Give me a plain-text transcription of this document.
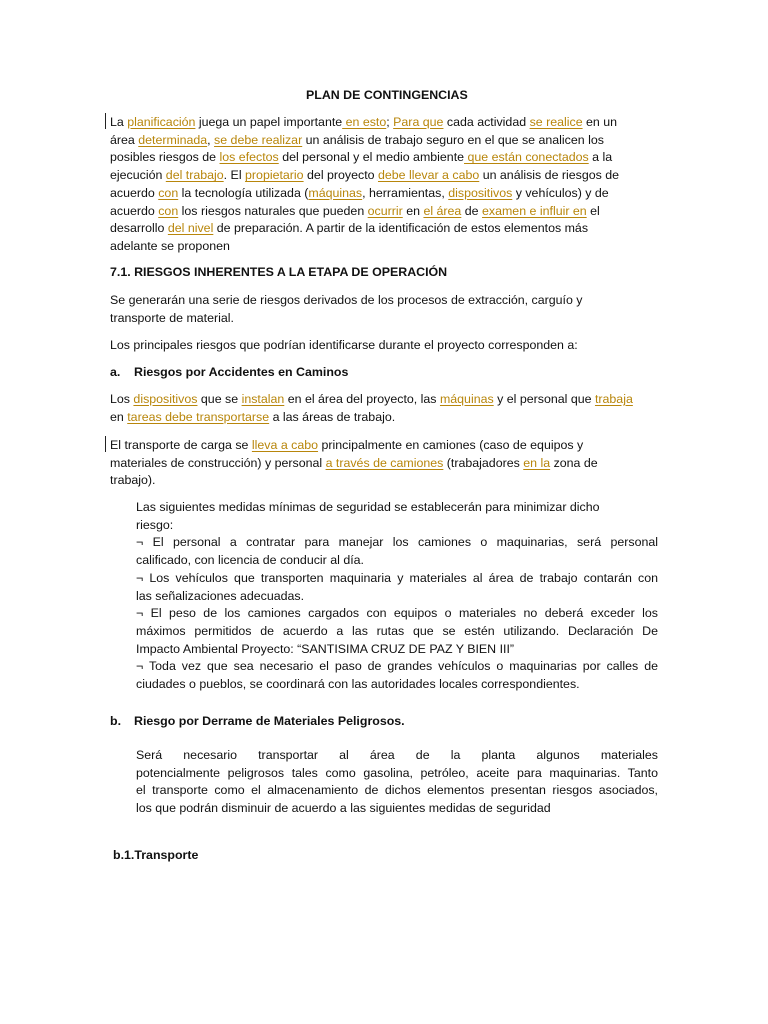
PLAN DE CONTINGENCIAS
La planificación juega un papel importante en esto; Para que cada actividad se realice en un
área determinada, se debe realizar un análisis de trabajo seguro en el que se analicen los
posibles riesgos de los efectos del personal y el medio ambiente que están conectados a la
ejecución del trabajo. El propietario del proyecto debe llevar a cabo un análisis de riesgos de
acuerdo con la tecnología utilizada (máquinas, herramientas, dispositivos y vehículos) y de
acuerdo con los riesgos naturales que pueden ocurrir en el área de examen e influir en el
desarrollo del nivel de preparación. A partir de la identificación de estos elementos más
adelante se proponen
7.1. RIESGOS INHERENTES A LA ETAPA DE OPERACIÓN
Se generarán una serie de riesgos derivados de los procesos de extracción, carguío y
transporte de material.
Los principales riesgos que podrían identificarse durante el proyecto corresponden a:
a. Riesgos por Accidentes en Caminos
Los dispositivos que se instalan en el área del proyecto, las máquinas y el personal que trabaja
en tareas debe transportarse a las áreas de trabajo.
El transporte de carga se lleva a cabo principalmente en camiones (caso de equipos y
materiales de construcción) y personal a través de camiones (trabajadores en la zona de
trabajo).
Las siguientes medidas mínimas de seguridad se establecerán para minimizar dicho
riesgo:
¬ El personal a contratar para manejar los camiones o maquinarias, será personal
calificado, con licencia de conducir al día.
¬ Los vehículos que transporten maquinaria y materiales al área de trabajo contarán con
las señalizaciones adecuadas.
¬ El peso de los camiones cargados con equipos o materiales no deberá exceder los
máximos permitidos de acuerdo a las rutas que se estén utilizando. Declaración De
Impacto Ambiental Proyecto: “SANTISIMA CRUZ DE PAZ Y BIEN III”
¬ Toda vez que sea necesario el paso de grandes vehículos o maquinarias por calles de
ciudades o pueblos, se coordinará con las autoridades locales correspondientes.
b. Riesgo por Derrame de Materiales Peligrosos.
Será necesario transportar al área de la planta algunos materiales
potencialmente peligrosos tales como gasolina, petróleo, aceite para maquinarias. Tanto
el transporte como el almacenamiento de dichos elementos presentan riesgos asociados,
los que podrán disminuir de acuerdo a las siguientes medidas de seguridad
b.1.Transporte
